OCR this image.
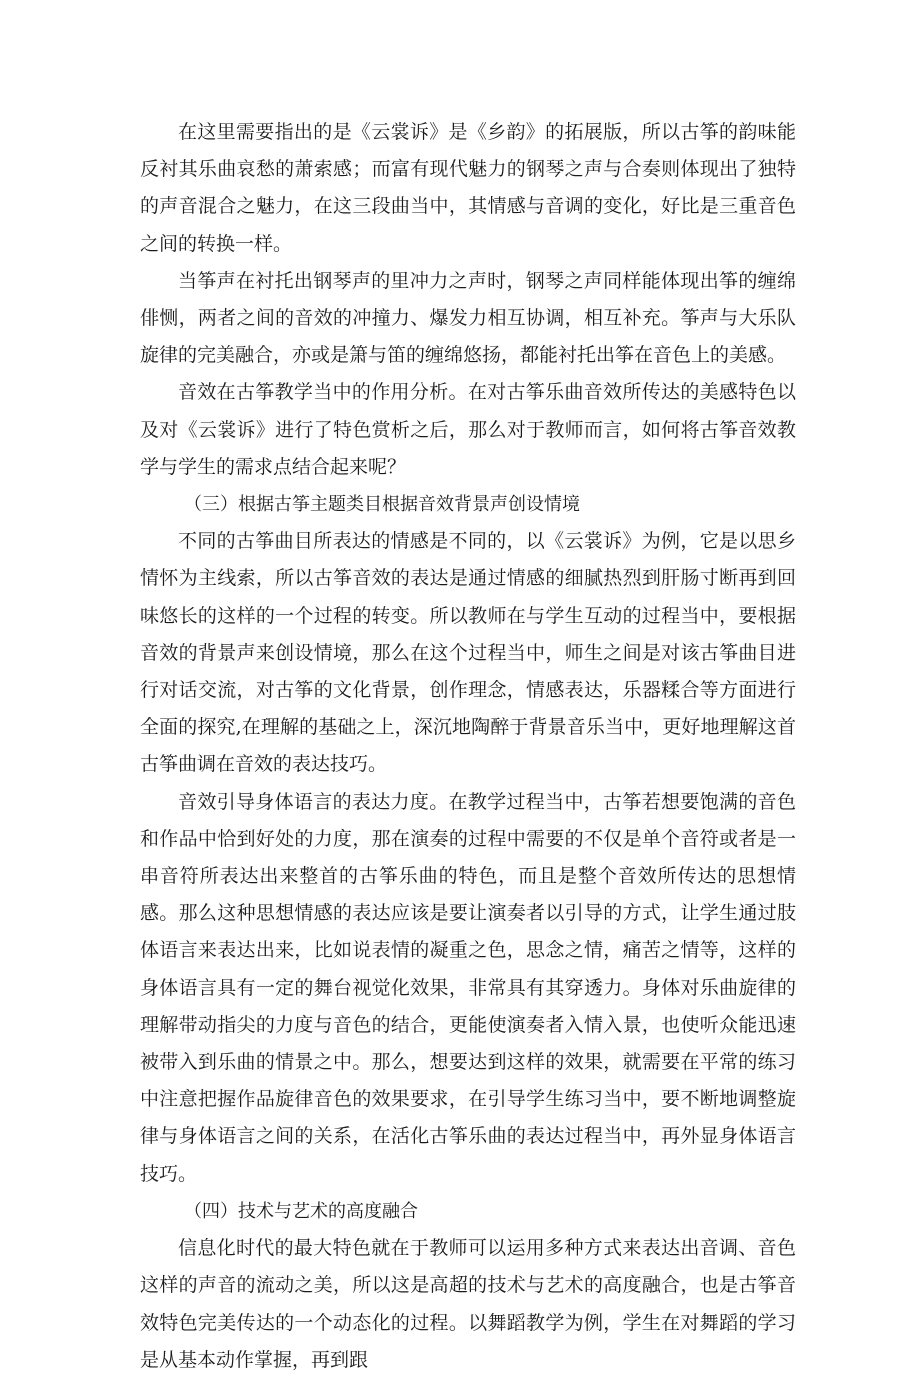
在这里需要指出的是《云裳诉》是《乡韵》的拓展版，所以古筝的韵味能反衬其乐曲哀愁的萧索感；而富有现代魅力的钢琴之声与合奏则体现出了独特的声音混合之魅力，在这三段曲当中，其情感与音调的变化，好比是三重音色之间的转换一样。

当筝声在衬托出钢琴声的里冲力之声时，钢琴之声同样能体现出筝的缠绵俳恻，两者之间的音效的冲撞力、爆发力相互协调，相互补充。筝声与大乐队旋律的完美融合，亦或是箫与笛的缠绵悠扬，都能衬托出筝在音色上的美感。

音效在古筝教学当中的作用分析。在对古筝乐曲音效所传达的美感特色以及对《云裳诉》进行了特色赏析之后，那么对于教师而言，如何将古筝音效教学与学生的需求点结合起来呢？

（三）根据古筝主题类目根据音效背景声创设情境

不同的古筝曲目所表达的情感是不同的，以《云裳诉》为例，它是以思乡情怀为主线索，所以古筝音效的表达是通过情感的细腻热烈到肝肠寸断再到回味悠长的这样的一个过程的转变。所以教师在与学生互动的过程当中，要根据音效的背景声来创设情境，那么在这个过程当中，师生之间是对该古筝曲目进行对话交流，对古筝的文化背景，创作理念，情感表达，乐器糅合等方面进行全面的探究,在理解的基础之上，深沉地陶醉于背景音乐当中，更好地理解这首古筝曲调在音效的表达技巧。

音效引导身体语言的表达力度。在教学过程当中，古筝若想要饱满的音色和作品中恰到好处的力度，那在演奏的过程中需要的不仅是单个音符或者是一串音符所表达出来整首的古筝乐曲的特色，而且是整个音效所传达的思想情感。那么这种思想情感的表达应该是要让演奏者以引导的方式，让学生通过肢体语言来表达出来，比如说表情的凝重之色，思念之情，痛苦之情等，这样的身体语言具有一定的舞台视觉化效果，非常具有其穿透力。身体对乐曲旋律的理解带动指尖的力度与音色的结合，更能使演奏者入情入景，也使听众能迅速被带入到乐曲的情景之中。那么，想要达到这样的效果，就需要在平常的练习中注意把握作品旋律音色的效果要求，在引导学生练习当中，要不断地调整旋律与身体语言之间的关系，在活化古筝乐曲的表达过程当中，再外显身体语言技巧。

（四）技术与艺术的高度融合

信息化时代的最大特色就在于教师可以运用多种方式来表达出音调、音色这样的声音的流动之美，所以这是高超的技术与艺术的高度融合，也是古筝音效特色完美传达的一个动态化的过程。以舞蹈教学为例，学生在对舞蹈的学习是从基本动作掌握，再到跟
